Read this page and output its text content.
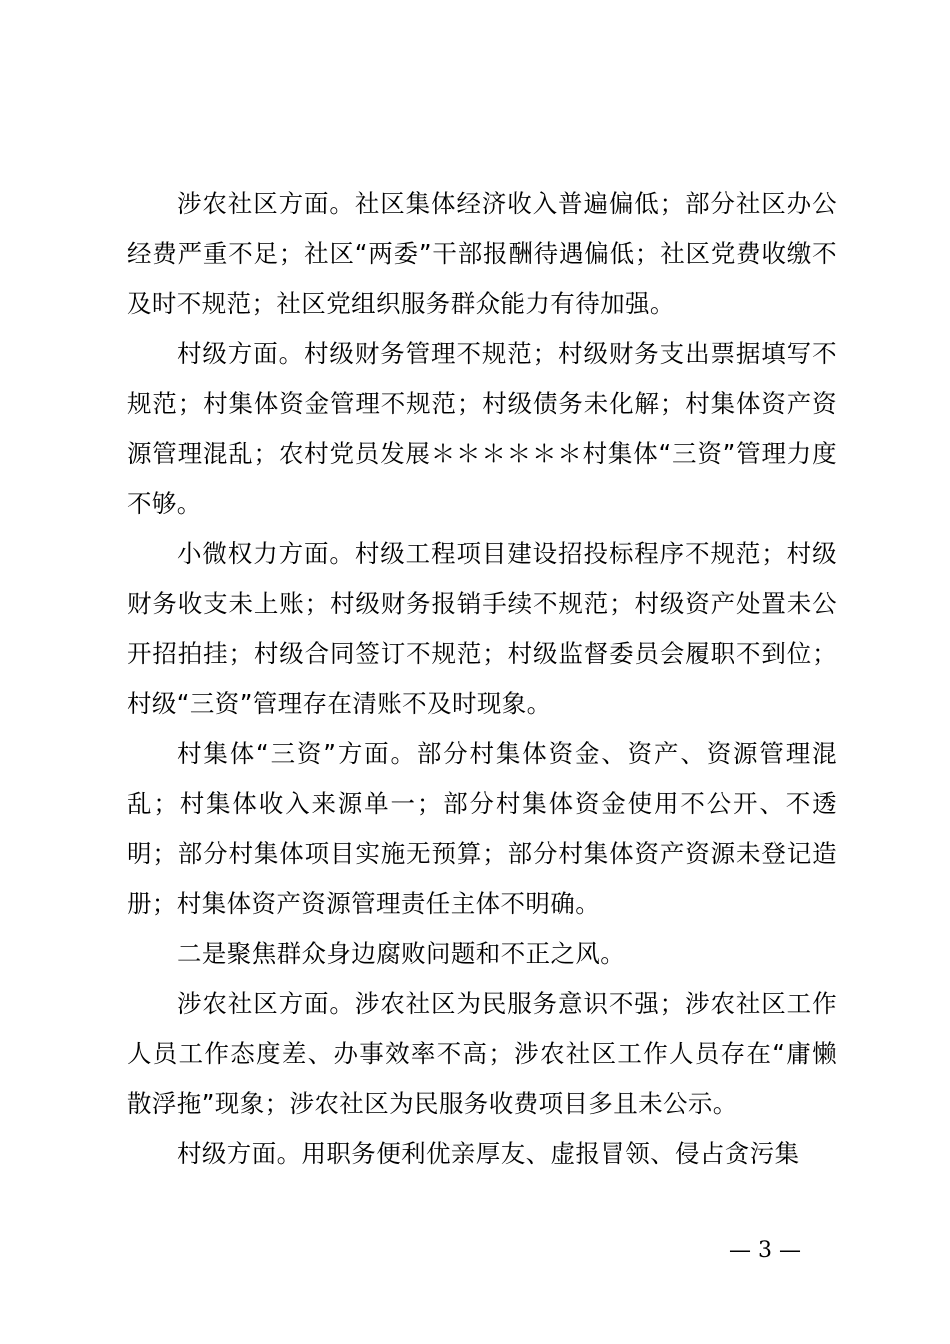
涉农社区方面。社区集体经济收入普遍偏低；部分社区办公经费严重不足；社区“两委”干部报酬待遇偏低；社区党费收缴不及时不规范；社区党组织服务群众能力有待加强。

村级方面。村级财务管理不规范；村级财务支出票据填写不规范；村集体资金管理不规范；村级债务未化解；村集体资产资源管理混乱；农村党员发展＊＊＊＊＊＊村集体“三资”管理力度不够。

小微权力方面。村级工程项目建设招投标程序不规范；村级财务收支未上账；村级财务报销手续不规范；村级资产处置未公开招拍挂；村级合同签订不规范；村级监督委员会履职不到位；村级“三资”管理存在清账不及时现象。

村集体“三资”方面。部分村集体资金、资产、资源管理混乱；村集体收入来源单一；部分村集体资金使用不公开、不透明；部分村集体项目实施无预算；部分村集体资产资源未登记造册；村集体资产资源管理责任主体不明确。

二是聚焦群众身边腐败问题和不正之风。

涉农社区方面。涉农社区为民服务意识不强；涉农社区工作人员工作态度差、办事效率不高；涉农社区工作人员存在“庸懒散浮拖”现象；涉农社区为民服务收费项目多且未公示。

村级方面。用职务便利优亲厚友、虚报冒领、侵占贪污集

— 3 —
